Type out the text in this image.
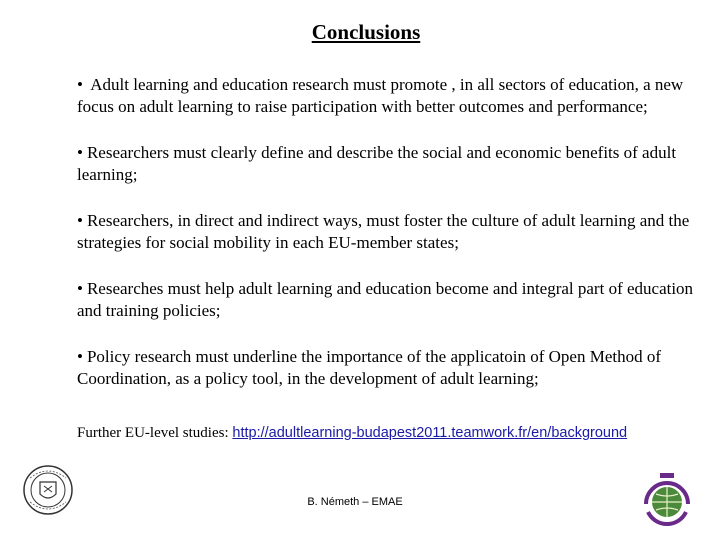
Conclusions

• Adult learning and education research must promote , in all sectors of education, a new focus on adult learning to raise participation with better outcomes and performance;

• Researchers must clearly define and describe the social and economic benefits of adult learning;

• Researchers, in direct and indirect ways, must foster the culture of adult learning and the strategies for social mobility in each EU-member states;

• Researches must help adult learning and education become and integral part of education and training policies;

• Policy research must underline the importance of the applicatoin of Open Method of Coordination, as a policy tool, in the development of adult learning;

Further EU-level studies: http://adultlearning-budapest2011.teamwork.fr/en/background
B. Németh – EMAE
